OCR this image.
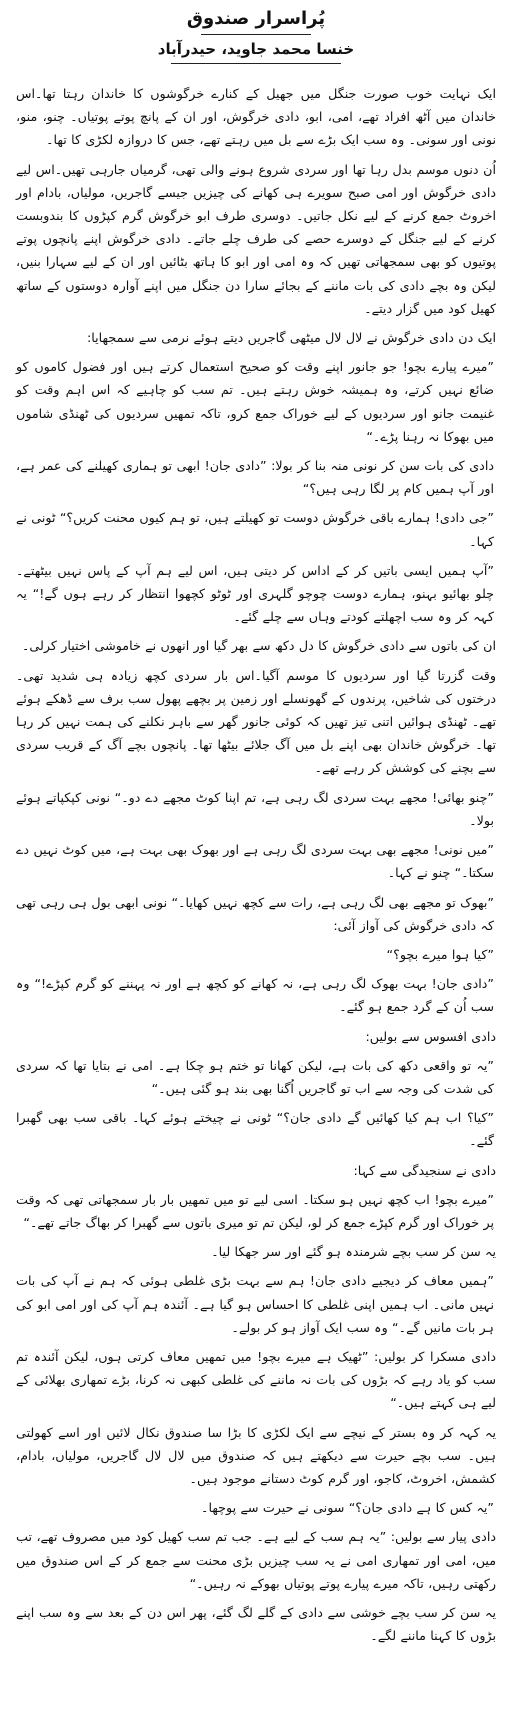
پُراسرار صندوق
خنسا محمد جاوید، حیدرآباد

ایک نہایت خوب صورت جنگل میں جھیل کے کنارے خرگوشوں کا خاندان رہتا تھا۔اس خاندان میں آٹھ افراد تھے، امی، ابو، دادی خرگوش، اور ان کے پانچ پوتے پوتیاں۔ چنو، منو، نونی اور سونی۔ وہ سب ایک بڑے سے بل میں رہتے تھے، جس کا دروازہ لکڑی کا تھا۔

اُن دنوں موسم بدل رہا تھا اور سردی شروع ہونے والی تھی، گرمیاں جارہی تھیں۔اس لیے دادی خرگوش اور امی صبح سویرے ہی کھانے کی چیزیں جیسے گاجریں، مولیاں، بادام اور اخروٹ جمع کرنے کے لیے نکل جاتیں۔ دوسری طرف ابو خرگوش گرم کپڑوں کا بندوبست کرنے کے لیے جنگل کے دوسرے حصے کی طرف چلے جاتے۔ دادی خرگوش اپنے پانچوں پوتے پوتیوں کو بھی سمجھاتی تھیں کہ وہ امی اور ابو کا ہاتھ بٹائیں اور ان کے لیے سہارا بنیں، لیکن وہ بچے دادی کی بات ماننے کے بجائے سارا دن جنگل میں اپنے آوارہ دوستوں کے ساتھ کھیل کود میں گزار دیتے۔

ایک دن دادی خرگوش نے لال لال میٹھی گاجریں دیتے ہوئے نرمی سے سمجھایا:

”میرے پیارے بچو! جو جانور اپنے وقت کو صحیح استعمال کرتے ہیں اور فضول کاموں کو ضائع نہیں کرتے، وہ ہمیشہ خوش رہتے ہیں۔ تم سب کو چاہیے کہ اس اہم وقت کو غنیمت جانو اور سردیوں کے لیے خوراک جمع کرو، تاکہ تمھیں سردیوں کی ٹھنڈی شاموں میں بھوکا نہ رہنا پڑے۔“

دادی کی بات سن کر نونی منہ بنا کر بولا: ”دادی جان! ابھی تو ہماری کھیلنے کی عمر ہے، اور آپ ہمیں کام پر لگا رہی ہیں؟“

”جی دادی! ہمارے باقی خرگوش دوست تو کھیلتے ہیں، تو ہم کیوں محنت کریں؟“ ٹونی نے کہا۔

”آپ ہمیں ایسی باتیں کر کے اداس کر دیتی ہیں، اس لیے ہم آپ کے پاس نہیں بیٹھتے۔ چلو بھائیو بہنو، ہمارے دوست چوچو گلہری اور ٹوٹو کچھوا انتظار کر رہے ہوں گے!“ یہ کہہ کر وہ سب اچھلتے کودتے وہاں سے چلے گئے۔

ان کی باتوں سے دادی خرگوش کا دل دکھ سے بھر گیا اور انھوں نے خاموشی اختیار کرلی۔

وقت گزرتا گیا اور سردیوں کا موسم آگیا۔اس بار سردی کچھ زیادہ ہی شدید تھی۔ درختوں کی شاخیں، پرندوں کے گھونسلے اور زمین پر بچھے پھول سب برف سے ڈھکے ہوئے تھے۔ ٹھنڈی ہوائیں اتنی تیز تھیں کہ کوئی جانور گھر سے باہر نکلنے کی ہمت نہیں کر رہا تھا۔ خرگوش خاندان بھی اپنے بل میں آگ جلائے بیٹھا تھا۔ پانچوں بچے آگ کے قریب سردی سے بچنے کی کوشش کر رہے تھے۔

”چنو بھائی! مجھے بہت سردی لگ رہی ہے، تم اپنا کوٹ مجھے دے دو۔“ نونی کپکپاتے ہوئے بولا۔

”میں نونی! مجھے بھی بہت سردی لگ رہی ہے اور بھوک بھی بہت ہے، میں کوٹ نہیں دے سکتا۔“ چنو نے کہا۔

”بھوک تو مجھے بھی لگ رہی ہے، رات سے کچھ نہیں کھایا۔“ نونی ابھی بول ہی رہی تھی کہ دادی خرگوش کی آواز آئی:

”کیا ہوا میرے بچو؟“

”دادی جان! بہت بھوک لگ رہی ہے، نہ کھانے کو کچھ ہے اور نہ پہننے کو گرم کپڑے!“ وہ سب اُن کے گرد جمع ہو گئے۔

دادی افسوس سے بولیں:

”یہ تو واقعی دکھ کی بات ہے، لیکن کھانا تو ختم ہو چکا ہے۔ امی نے بتایا تھا کہ سردی کی شدت کی وجہ سے اب تو گاجریں اُگنا بھی بند ہو گئی ہیں۔“

”کیا؟ اب ہم کیا کھائیں گے دادی جان؟“ ٹونی نے چیختے ہوئے کہا۔ باقی سب بھی گھبرا گئے۔

دادی نے سنجیدگی سے کہا:

”میرے بچو! اب کچھ نہیں ہو سکتا۔ اسی لیے تو میں تمھیں بار بار سمجھاتی تھی کہ وقت پر خوراک اور گرم کپڑے جمع کر لو، لیکن تم تو میری باتوں سے گھبرا کر بھاگ جاتے تھے۔“

یہ سن کر سب بچے شرمندہ ہو گئے اور سر جھکا لیا۔

”ہمیں معاف کر دیجیے دادی جان! ہم سے بہت بڑی غلطی ہوئی کہ ہم نے آپ کی بات نہیں مانی۔ اب ہمیں اپنی غلطی کا احساس ہو گیا ہے۔ آئندہ ہم آپ کی اور امی ابو کی ہر بات مانیں گے۔“ وہ سب ایک آواز ہو کر بولے۔

دادی مسکرا کر بولیں: ”ٹھیک ہے میرے بچو! میں تمھیں معاف کرتی ہوں، لیکن آئندہ تم سب کو یاد رہے کہ بڑوں کی بات نہ ماننے کی غلطی کبھی نہ کرنا، بڑے تمھاری بھلائی کے لیے ہی کہتے ہیں۔“

یہ کہہ کر وہ بستر کے نیچے سے ایک لکڑی کا بڑا سا صندوق نکال لائیں اور اسے کھولتی ہیں۔ سب بچے حیرت سے دیکھتے ہیں کہ صندوق میں لال لال گاجریں، مولیاں، بادام، کشمش، اخروٹ، کاجو، اور گرم کوٹ دستانے موجود ہیں۔

”یہ کس کا ہے دادی جان؟“ سونی نے حیرت سے پوچھا۔

دادی پیار سے بولیں: ”یہ ہم سب کے لیے ہے۔ جب تم سب کھیل کود میں مصروف تھے، تب میں، امی اور تمھاری امی نے یہ سب چیزیں بڑی محنت سے جمع کر کے اس صندوق میں رکھتی رہیں، تاکہ میرے پیارے پوتے پوتیاں بھوکے نہ رہیں۔“

یہ سن کر سب بچے خوشی سے دادی کے گلے لگ گئے، پھر اس دن کے بعد سے وہ سب اپنے بڑوں کا کہنا ماننے لگے۔
